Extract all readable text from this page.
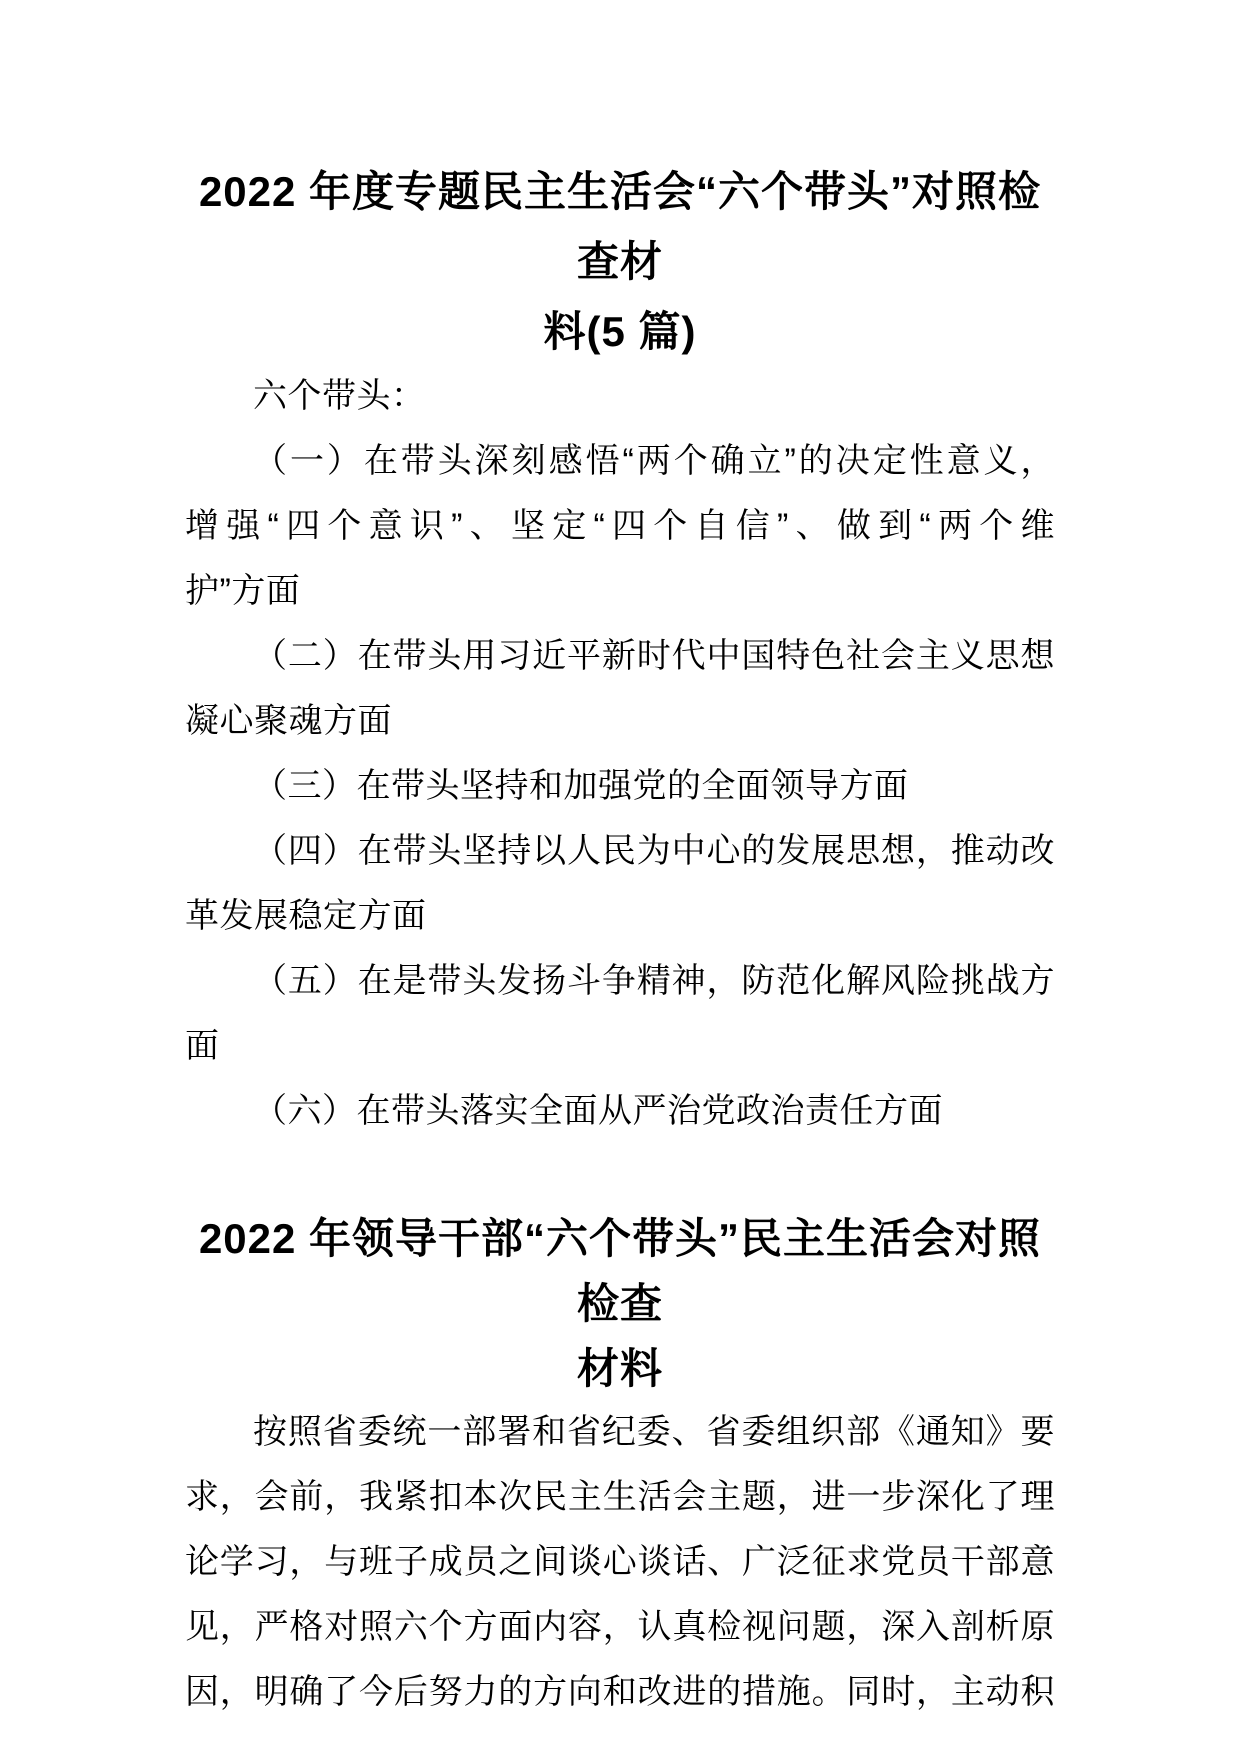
2022 年度专题民主生活会“六个带头”对照检查材
料(5 篇)
六个带头：
（一）在带头深刻感悟“两个确立”的决定性意义，
增强“四个意识”、坚定“四个自信”、做到“两个维
护”方面
（二）在带头用习近平新时代中国特色社会主义思想
凝心聚魂方面
（三）在带头坚持和加强党的全面领导方面
（四）在带头坚持以人民为中心的发展思想，推动改
革发展稳定方面
（五）在是带头发扬斗争精神，防范化解风险挑战方
面
（六）在带头落实全面从严治党政治责任方面
2022 年领导干部“六个带头”民主生活会对照检查
材料
按照省委统一部署和省纪委、省委组织部《通知》要
求，会前，我紧扣本次民主生活会主题，进一步深化了理
论学习，与班子成员之间谈心谈话、广泛征求党员干部意
见，严格对照六个方面内容，认真检视问题，深入剖析原
因，明确了今后努力的方向和改进的措施。同时，主动积
